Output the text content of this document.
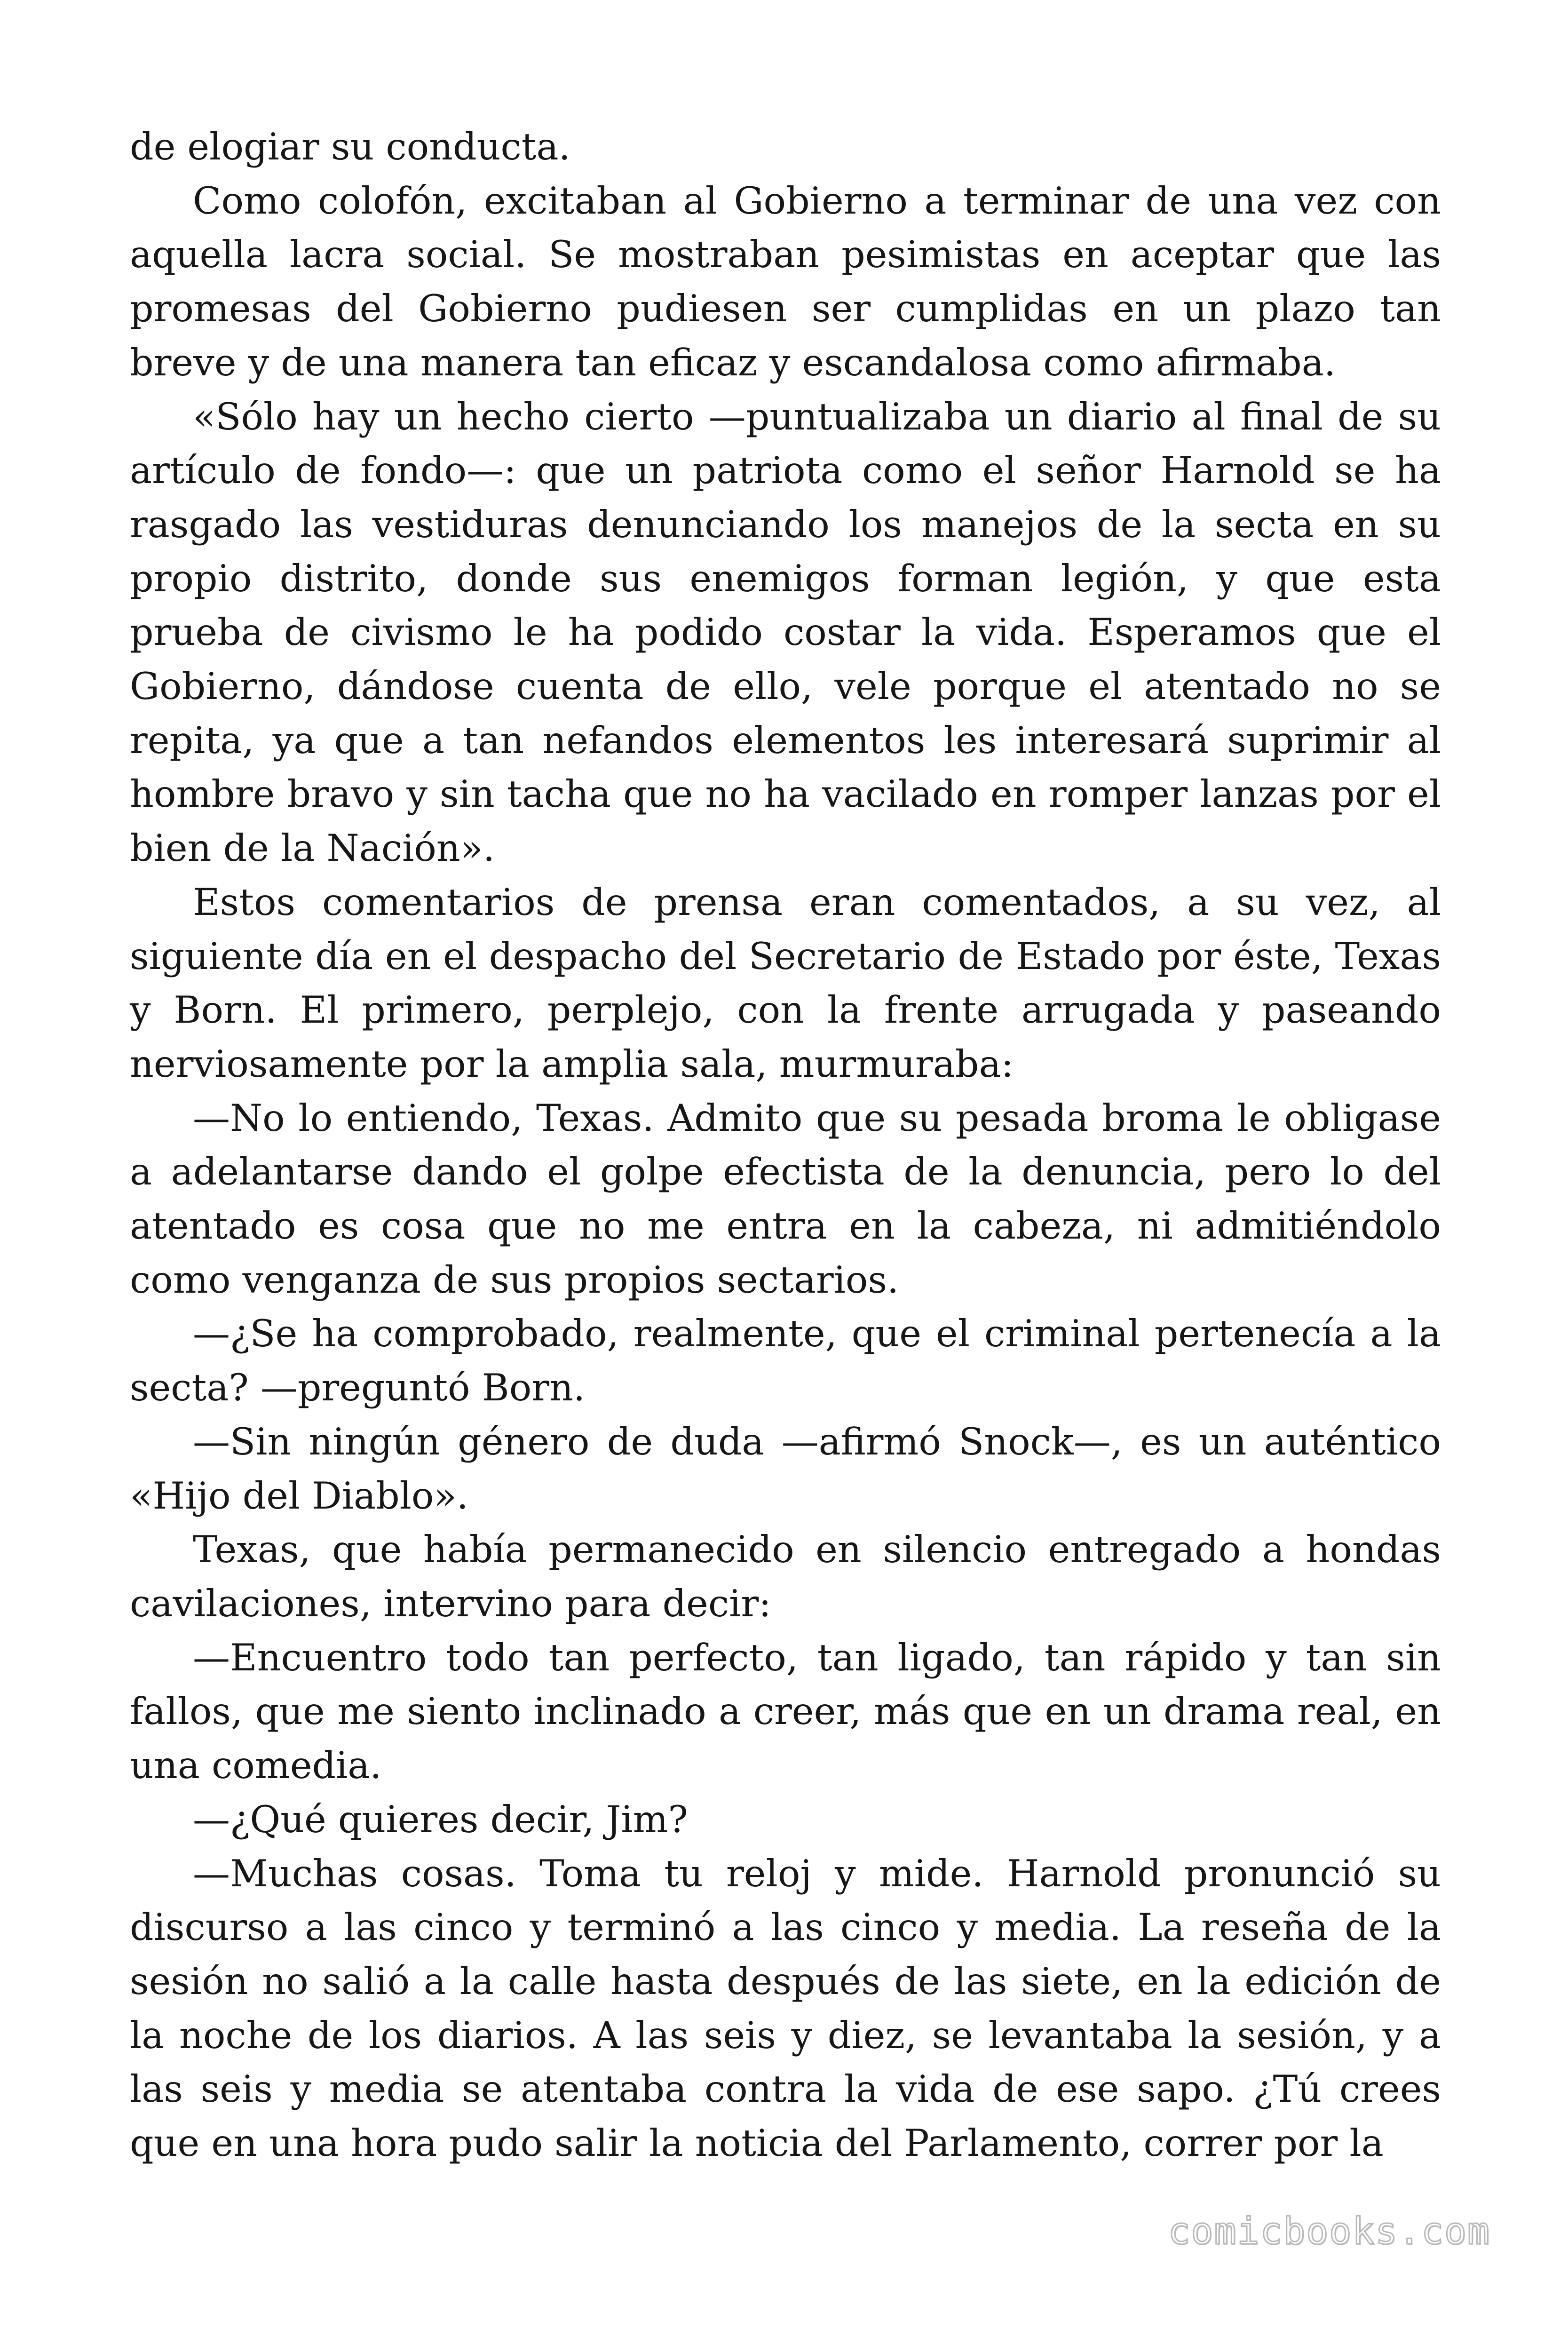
de elogiar su conducta.

Como colofón, excitaban al Gobierno a terminar de una vez con aquella lacra social. Se mostraban pesimistas en aceptar que las promesas del Gobierno pudiesen ser cumplidas en un plazo tan breve y de una manera tan eficaz y escandalosa como afirmaba.

«Sólo hay un hecho cierto —puntualizaba un diario al final de su artículo de fondo—: que un patriota como el señor Harnold se ha rasgado las vestiduras denunciando los manejos de la secta en su propio distrito, donde sus enemigos forman legión, y que esta prueba de civismo le ha podido costar la vida. Esperamos que el Gobierno, dándose cuenta de ello, vele porque el atentado no se repita, ya que a tan nefandos elementos les interesará suprimir al hombre bravo y sin tacha que no ha vacilado en romper lanzas por el bien de la Nación».

Estos comentarios de prensa eran comentados, a su vez, al siguiente día en el despacho del Secretario de Estado por éste, Texas y Born. El primero, perplejo, con la frente arrugada y paseando nerviosamente por la amplia sala, murmuraba:

—No lo entiendo, Texas. Admito que su pesada broma le obligase a adelantarse dando el golpe efectista de la denuncia, pero lo del atentado es cosa que no me entra en la cabeza, ni admitiéndolo como venganza de sus propios sectarios.

—¿Se ha comprobado, realmente, que el criminal pertenecía a la secta? —preguntó Born.

—Sin ningún género de duda —afirmó Snock—, es un auténtico «Hijo del Diablo».

Texas, que había permanecido en silencio entregado a hondas cavilaciones, intervino para decir:

—Encuentro todo tan perfecto, tan ligado, tan rápido y tan sin fallos, que me siento inclinado a creer, más que en un drama real, en una comedia.

—¿Qué quieres decir, Jim?

—Muchas cosas. Toma tu reloj y mide. Harnold pronunció su discurso a las cinco y terminó a las cinco y media. La reseña de la sesión no salió a la calle hasta después de las siete, en la edición de la noche de los diarios. A las seis y diez, se levantaba la sesión, y a las seis y media se atentaba contra la vida de ese sapo. ¿Tú crees que en una hora pudo salir la noticia del Parlamento, correr por la

comicbooks.com
